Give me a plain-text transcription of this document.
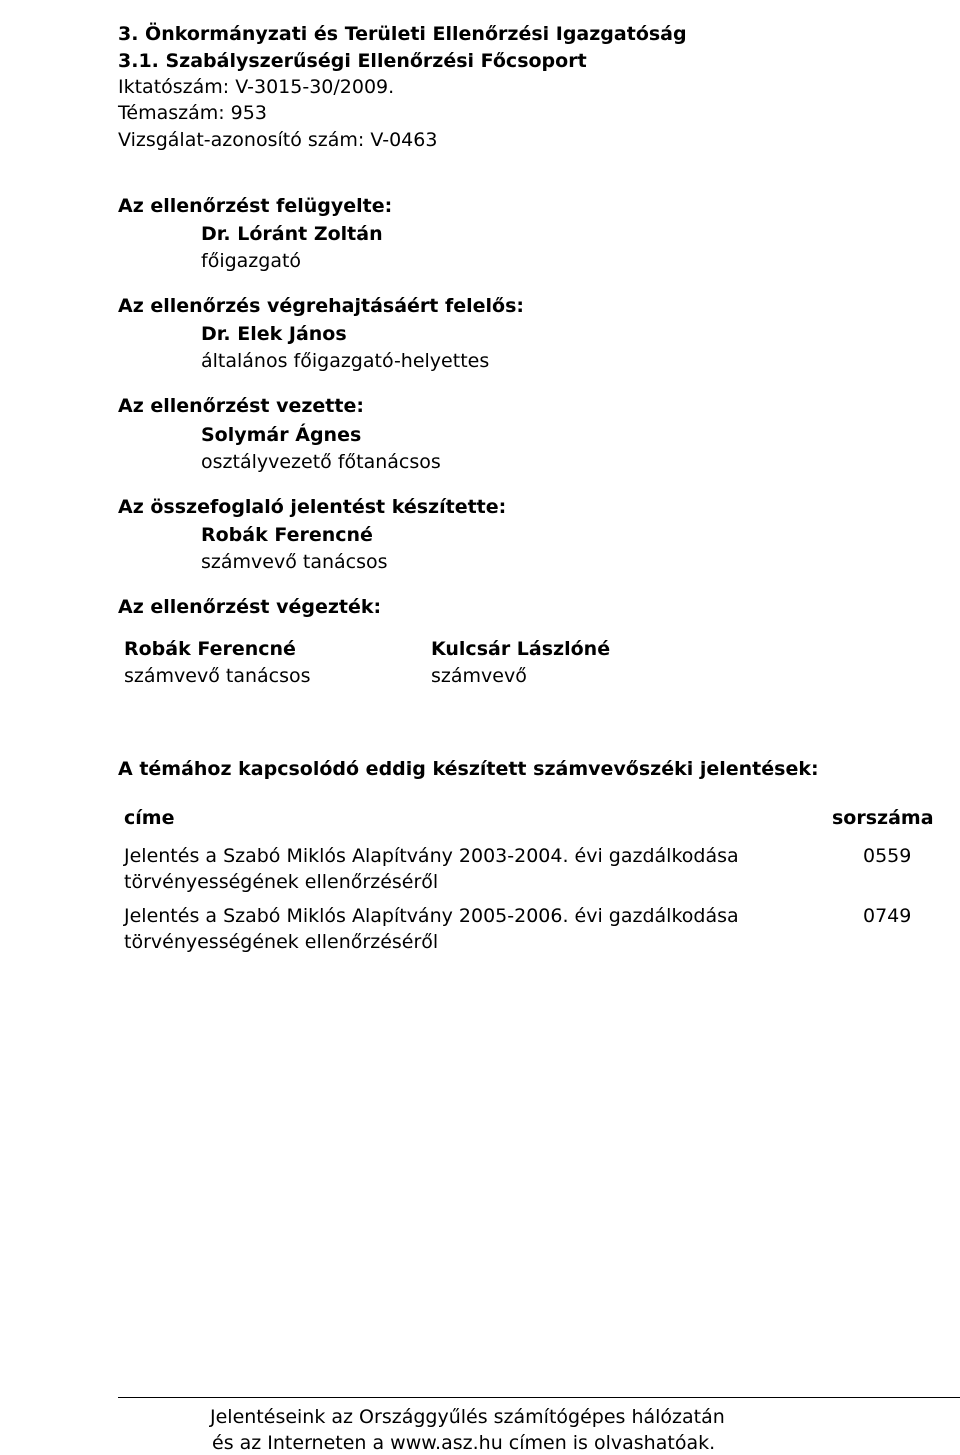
3. Önkormányzati és Területi Ellenőrzési Igazgatóság
3.1. Szabályszerűségi Ellenőrzési Főcsoport
Iktatószám: V-3015-30/2009.
Témaszám: 953
Vizsgálat-azonosító szám: V-0463
Az ellenőrzést felügyelte:
Dr. Lóránt Zoltán
főigazgató
Az ellenőrzés végrehajtásáért felelős:
Dr. Elek János
általános főigazgató-helyettes
Az ellenőrzést vezette:
Solymár Ágnes
osztályvezető főtanácsos
Az összefoglaló jelentést készítette:
Robák Ferencné
számvevő tanácsos
Az ellenőrzést végezték:
Robák Ferencné
számvevő tanácsos
Kulcsár Lászlóné
számvevő
A témához kapcsolódó eddig készített számvevőszéki jelentések:
címe	sorszáma
Jelentés a Szabó Miklós Alapítvány 2003-2004. évi gazdálkodása
törvényességének ellenőrzéséről
0559
Jelentés a Szabó Miklós Alapítvány 2005-2006. évi gazdálkodása
törvényességének ellenőrzéséről
0749
Jelentéseink az Országgyűlés számítógépes hálózatán
és az Interneten a www.asz.hu címen is olvashatóak.
